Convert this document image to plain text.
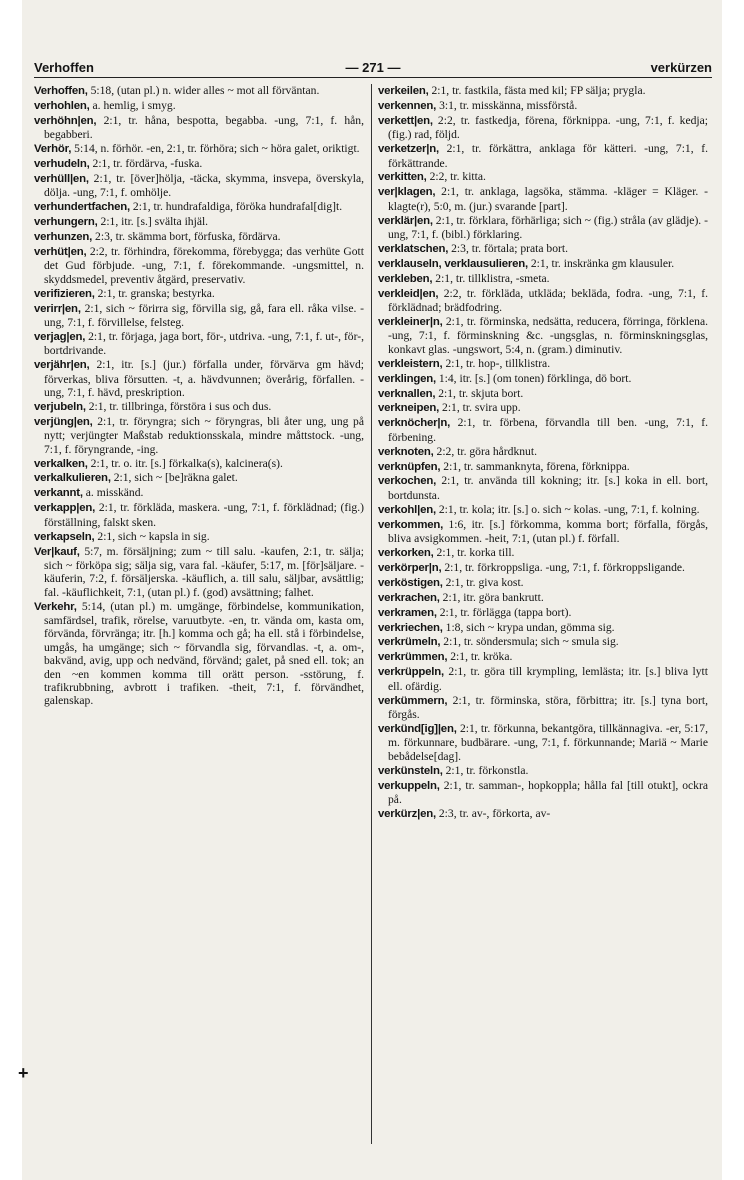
Verhoffen	— 271 —	verkürzen
+

Verhoffen, 5:18, (utan pl.) n. wider alles ~ mot all förväntan.

verhohlen, a. hemlig, i smyg.

verhöhn|en, 2:1, tr. håna, bespotta, begabba. -ung, 7:1, f. hån, begabberi.

Verhör, 5:14, n. förhör. -en, 2:1, tr. förhöra; sich ~ höra galet, oriktigt.

verhudeln, 2:1, tr. fördärva, -fuska.

verhüll|en, 2:1, tr. [över]hölja, -täcka, skymma, insvepa, överskyla, dölja. -ung, 7:1, f. omhölje.

verhundertfachen, 2:1, tr. hundrafaldiga, föröka hundrafal[dig]t.

verhungern, 2:1, itr. [s.] svälta ihjäl.

verhunzen, 2:3, tr. skämma bort, förfuska, fördärva.

verhüt|en, 2:2, tr. förhindra, förekomma, förebygga; das verhüte Gott det Gud förbjude. -ung, 7:1, f. förekommande. -ungsmittel, n. skyddsmedel, preventiv åtgärd, preservativ.

verifizieren, 2:1, tr. granska; bestyrka.

verirr|en, 2:1, sich ~ förirra sig, förvilla sig, gå, fara ell. råka vilse. -ung, 7:1, f. förvillelse, felsteg.

verjag|en, 2:1, tr. förjaga, jaga bort, för-, utdriva. -ung, 7:1, f. ut-, för-, bortdrivande.

verjähr|en, 2:1, itr. [s.] (jur.) förfalla under, förvärva gm hävd; förverkas, bliva försutten. -t, a. hävdvunnen; överårig, förfallen. -ung, 7:1, f. hävd, preskription.

verjubeln, 2:1, tr. tillbringa, förstöra i sus och dus.

verjüng|en, 2:1, tr. föryngra; sich ~ föryngras, bli åter ung, ung på nytt; verjüngter Maßstab reduktionsskala, mindre måttstock. -ung, 7:1, f. föryngrande, -ing.

verkalken, 2:1, tr. o. itr. [s.] förkalka(s), kalcinera(s).

verkalkulieren, 2:1, sich ~ [be]räkna galet.

verkannt, a. misskänd.

verkapp|en, 2:1, tr. förkläda, maskera. -ung, 7:1, f. förklädnad; (fig.) förställning, falskt sken.

verkapseln, 2:1, sich ~ kapsla in sig.

Ver|kauf, 5:7, m. försäljning; zum ~ till salu. -kaufen, 2:1, tr. sälja; sich ~ förköpa sig; sälja sig, vara fal. -käufer, 5:17, m. [för]säljare. -käuferin, 7:2, f. försäljerska. -käuflich, a. till salu, säljbar, avsättlig; fal. -käuflichkeit, 7:1, (utan pl.) f. (god) avsättning; falhet.

Verkehr, 5:14, (utan pl.) m. umgänge, förbindelse, kommunikation, samfärdsel, trafik, rörelse, varuutbyte. -en, tr. vända om, kasta om, förvända, förvränga; itr. [h.] komma och gå; ha ell. stå i förbindelse, umgås, ha umgänge; sich ~ förvandla sig, förvandlas. -t, a. om-, bakvänd, avig, upp och nedvänd, förvänd; galet, på sned ell. tok; an den ~en kommen komma till orätt person. -sstörung, f. trafikrubbning, avbrott i trafiken. -theit, 7:1, f. förvändhet, galenskap.

verkeilen, 2:1, tr. fastkila, fästa med kil; FP sälja; prygla.

verkennen, 3:1, tr. misskänna, missförstå.

verkett|en, 2:2, tr. fastkedja, förena, förknippa. -ung, 7:1, f. kedja; (fig.) rad, följd.

verketzer|n, 2:1, tr. förkättra, anklaga för kätteri. -ung, 7:1, f. förkättrande.

verkitten, 2:2, tr. kitta.

ver|klagen, 2:1, tr. anklaga, lagsöka, stämma. -kläger = Kläger. -klagte(r), 5:0, m. (jur.) svarande [part].

verklär|en, 2:1, tr. förklara, förhärliga; sich ~ (fig.) stråla (av glädje). -ung, 7:1, f. (bibl.) förklaring.

verklatschen, 2:3, tr. förtala; prata bort.

verklauseln, verklausulieren, 2:1, tr. inskränka gm klausuler.

verkleben, 2:1, tr. tillklistra, -smeta.

verkleid|en, 2:2, tr. förkläda, utkläda; bekläda, fodra. -ung, 7:1, f. förklädnad; brädfodring.

verkleiner|n, 2:1, tr. förminska, nedsätta, reducera, förringa, förklena. -ung, 7:1, f. förminskning &c. -ungsglas, n. förminskningsglas, konkavt glas. -ungswort, 5:4, n. (gram.) diminutiv.

verkleistern, 2:1, tr. hop-, tillklistra.

verklingen, 1:4, itr. [s.] (om tonen) förklinga, dö bort.

verknallen, 2:1, tr. skjuta bort.

verkneipen, 2:1, tr. svira upp.

verknöcher|n, 2:1, tr. förbena, förvandla till ben. -ung, 7:1, f. förbening.

verknoten, 2:2, tr. göra hårdknut.

verknüpfen, 2:1, tr. sammanknyta, förena, förknippa.

verkochen, 2:1, tr. använda till kokning; itr. [s.] koka in ell. bort, bortdunsta.

verkohl|en, 2:1, tr. kola; itr. [s.] o. sich ~ kolas. -ung, 7:1, f. kolning.

verkommen, 1:6, itr. [s.] förkomma, komma bort; förfalla, förgås, bliva avsigkommen. -heit, 7:1, (utan pl.) f. förfall.

verkorken, 2:1, tr. korka till.

verkörper|n, 2:1, tr. förkroppsliga. -ung, 7:1, f. förkroppsligande.

verköstigen, 2:1, tr. giva kost.

verkrachen, 2:1, itr. göra bankrutt.

verkramen, 2:1, tr. förlägga (tappa bort).

verkriechen, 1:8, sich ~ krypa undan, gömma sig.

verkrümeln, 2:1, tr. söndersmula; sich ~ smula sig.

verkrümmen, 2:1, tr. kröka.

verkrüppeln, 2:1, tr. göra till krympling, lemlästa; itr. [s.] bliva lytt ell. ofärdig.

verkümmern, 2:1, tr. förminska, störa, förbittra; itr. [s.] tyna bort, förgås.

verkünd[ig]|en, 2:1, tr. förkunna, bekantgöra, tillkännagiva. -er, 5:17, m. förkunnare, budbärare. -ung, 7:1, f. förkunnande; Mariä ~ Marie bebådelse[dag].

verkünsteln, 2:1, tr. förkonstla.

verkuppeln, 2:1, tr. samman-, hopkoppla; hålla fal [till otukt], ockra på.

verkürz|en, 2:3, tr. av-, förkorta, av-
